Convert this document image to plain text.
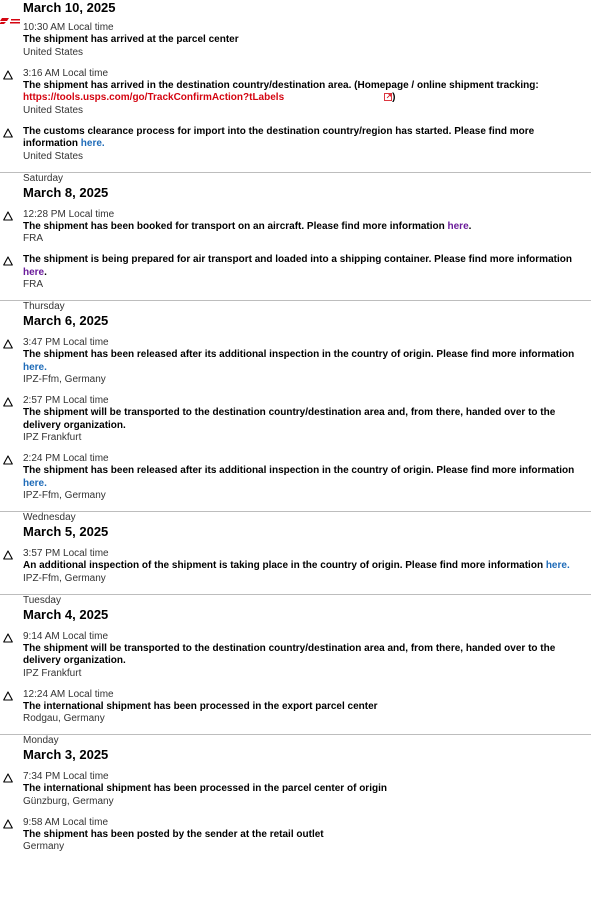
March 10, 2025
10:30 AM Local time
The shipment has arrived at the parcel center
United States
3:16 AM Local time
The shipment has arrived in the destination country/destination area. (Homepage / online shipment tracking:
https://tools.usps.com/go/TrackConfirmAction?tLabels	)
United States
The customs clearance process for import into the destination country/region has started. Please find more information here.
United States
Saturday
March 8, 2025
12:28 PM Local time
The shipment has been booked for transport on an aircraft. Please find more information here.
FRA
The shipment is being prepared for air transport and loaded into a shipping container. Please find more information here.
FRA
Thursday
March 6, 2025
3:47 PM Local time
The shipment has been released after its additional inspection in the country of origin. Please find more information here.
IPZ-Ffm, Germany
2:57 PM Local time
The shipment will be transported to the destination country/destination area and, from there, handed over to the delivery organization.
IPZ Frankfurt
2:24 PM Local time
The shipment has been released after its additional inspection in the country of origin. Please find more information here.
IPZ-Ffm, Germany
Wednesday
March 5, 2025
3:57 PM Local time
An additional inspection of the shipment is taking place in the country of origin. Please find more information here.
IPZ-Ffm, Germany
Tuesday
March 4, 2025
9:14 AM Local time
The shipment will be transported to the destination country/destination area and, from there, handed over to the delivery organization.
IPZ Frankfurt
12:24 AM Local time
The international shipment has been processed in the export parcel center
Rodgau, Germany
Monday
March 3, 2025
7:34 PM Local time
The international shipment has been processed in the parcel center of origin
Günzburg, Germany
9:58 AM Local time
The shipment has been posted by the sender at the retail outlet
Germany
